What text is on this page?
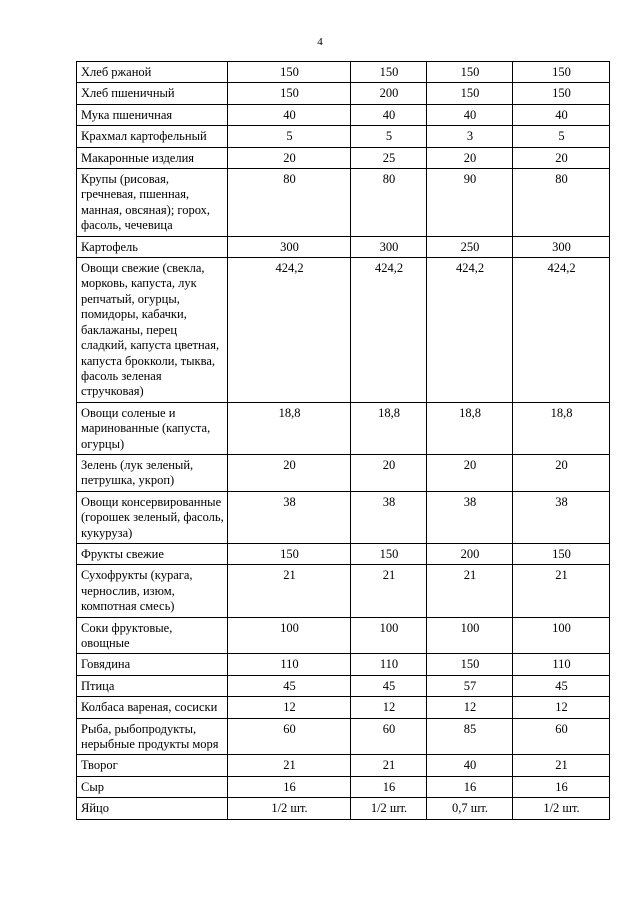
4
Хлеб ржаной	150	150	150	150
Хлеб пшеничный	150	200	150	150
Мука пшеничная	40	40	40	40
Крахмал картофельный	5	5	3	5
Макаронные изделия	20	25	20	20
Крупы (рисовая, гречневая, пшенная, манная, овсяная); горох, фасоль, чечевица	80	80	90	80
Картофель	300	300	250	300
Овощи свежие (свекла, морковь, капуста, лук репчатый, огурцы, помидоры, кабачки, баклажаны, перец сладкий, капуста цветная, капуста брокколи, тыква, фасоль зеленая стручковая)	424,2	424,2	424,2	424,2
Овощи соленые и маринованные (капуста, огурцы)	18,8	18,8	18,8	18,8
Зелень (лук зеленый, петрушка, укроп)	20	20	20	20
Овощи консервированные (горошек зеленый, фасоль, кукуруза)	38	38	38	38
Фрукты свежие	150	150	200	150
Сухофрукты (курага, чернослив, изюм, компотная смесь)	21	21	21	21
Соки фруктовые, овощные	100	100	100	100
Говядина	110	110	150	110
Птица	45	45	57	45
Колбаса вареная, сосиски	12	12	12	12
Рыба, рыбопродукты, нерыбные продукты моря	60	60	85	60
Творог	21	21	40	21
Сыр	16	16	16	16
Яйцо	1/2 шт.	1/2 шт.	0,7 шт.	1/2 шт.
